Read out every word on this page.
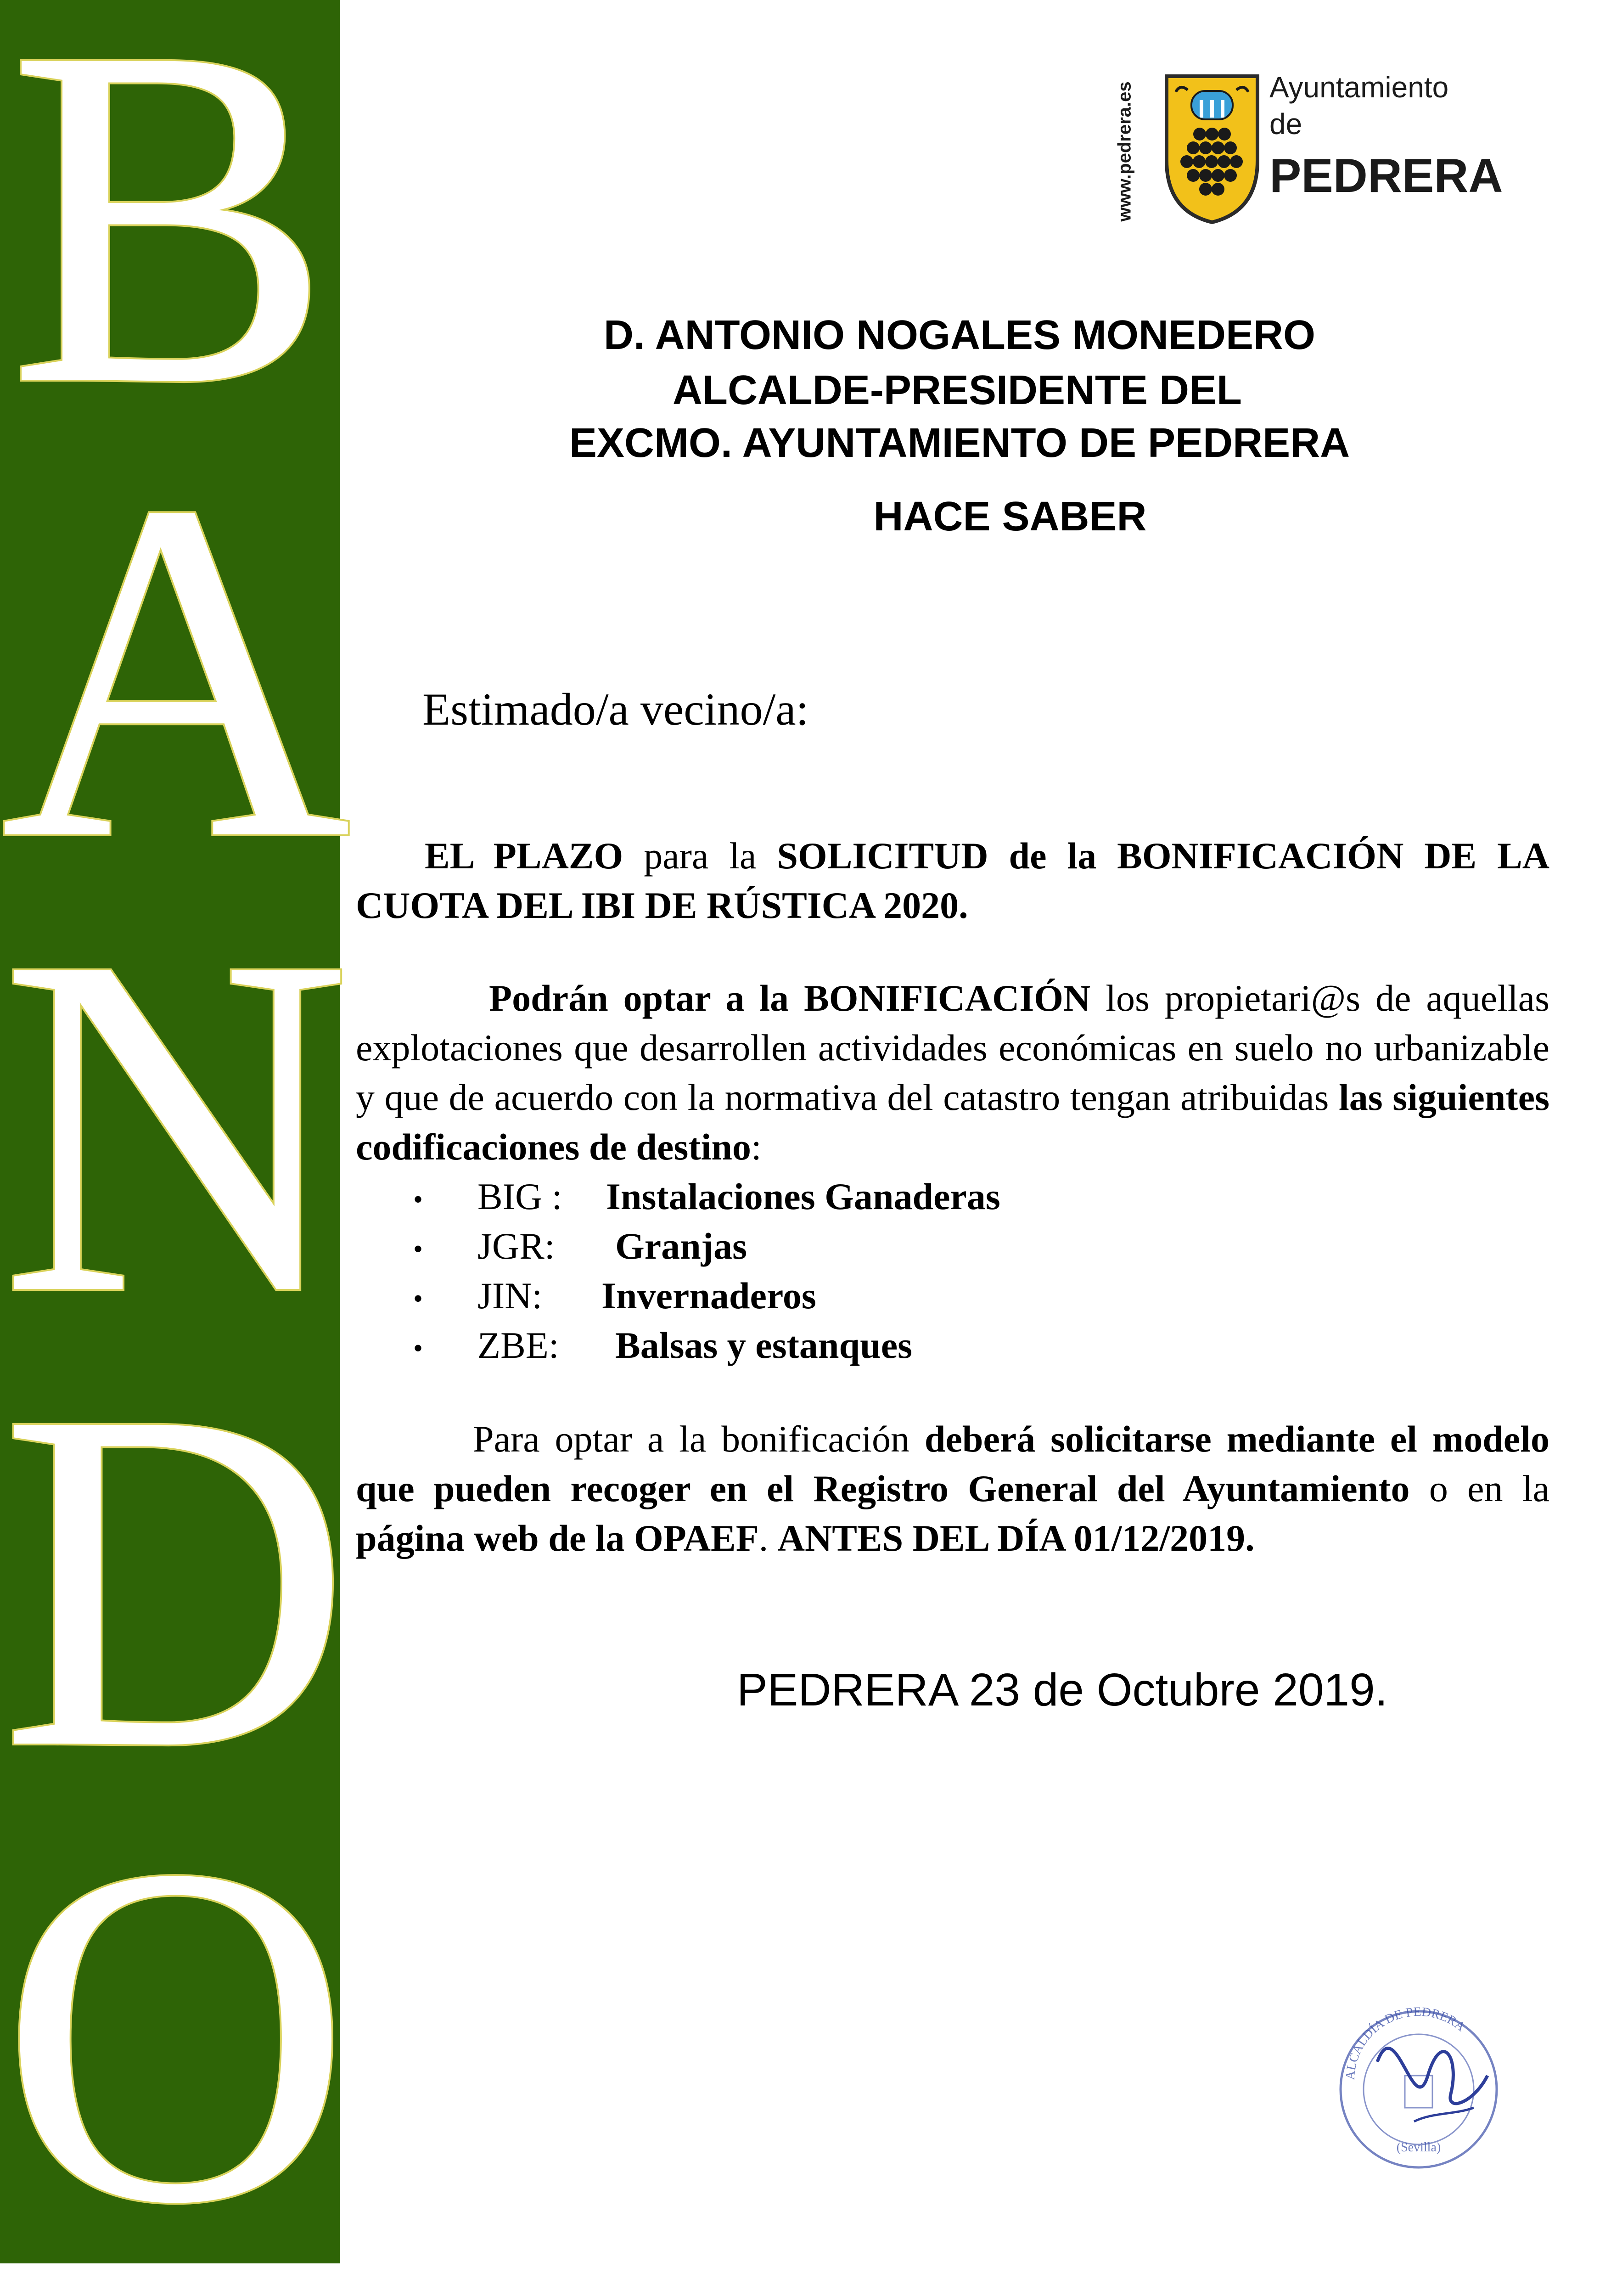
B
A
N
D
O
www.pedrera.es	Ayuntamiento
de
PEDRERA
D. ANTONIO NOGALES MONEDERO
ALCALDE-PRESIDENTE DEL
EXCMO. AYUNTAMIENTO DE PEDRERA
HACE SABER
Estimado/a vecino/a:
EL PLAZO para la SOLICITUD de la BONIFICACIÓN DE LA CUOTA DEL IBI DE RÚSTICA 2020.
Podrán optar a la BONIFICACIÓN los propietari@s de aquellas explotaciones que desarrollen actividades económicas en suelo no urbanizable y que de acuerdo con la normativa del catastro tengan atribuidas las siguientes codificaciones de destino:
• BIG : Instalaciones Ganaderas
• JGR: Granjas
• JIN: Invernaderos
• ZBE: Balsas y estanques
Para optar a la bonificación deberá solicitarse mediante el modelo que pueden recoger en el Registro General del Ayuntamiento o en la página web de la OPAEF. ANTES DEL DÍA 01/12/2019.
PEDRERA 23 de Octubre 2019.
ALCALDÍA DE PEDRERA
(Sevilla)
